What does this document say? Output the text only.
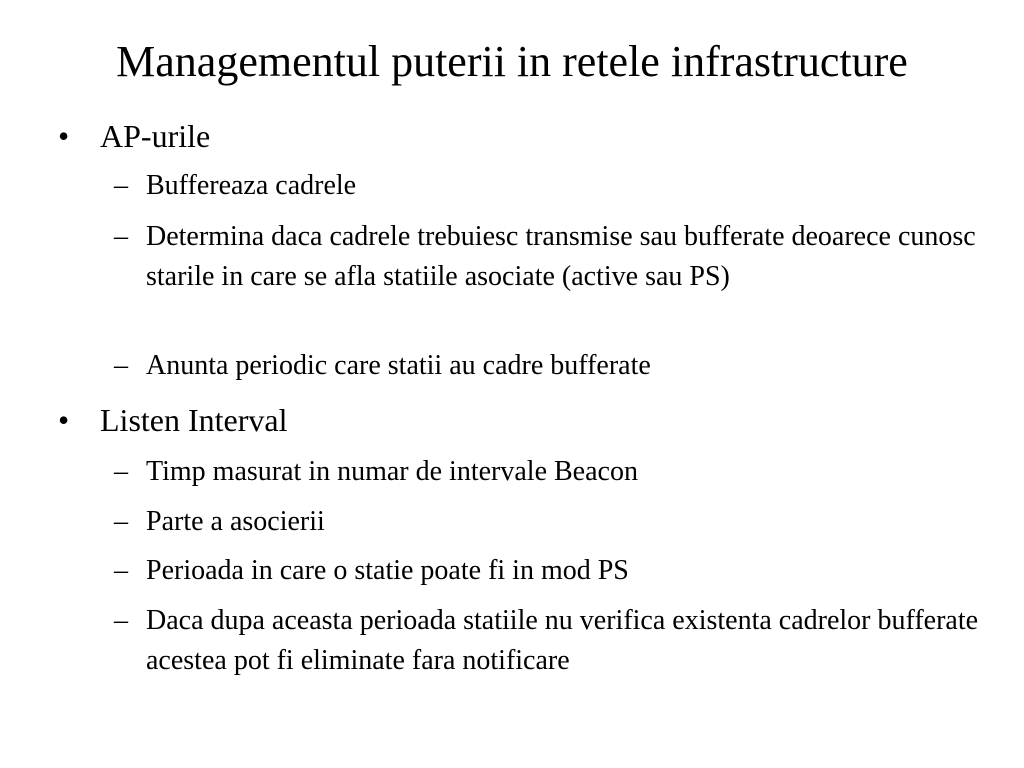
Managementul puterii in retele infrastructure
• AP-urile
– Buffereaza cadrele
– Determina daca cadrele trebuiesc transmise sau bufferate deoarece cunosc starile in care se afla statiile asociate (active sau PS)
– Anunta periodic care statii au cadre bufferate
• Listen Interval
– Timp masurat in numar de intervale Beacon
– Parte a asocierii
– Perioada in care o statie poate fi in mod PS
– Daca dupa aceasta perioada statiile nu verifica existenta cadrelor bufferate acestea pot fi eliminate fara notificare
